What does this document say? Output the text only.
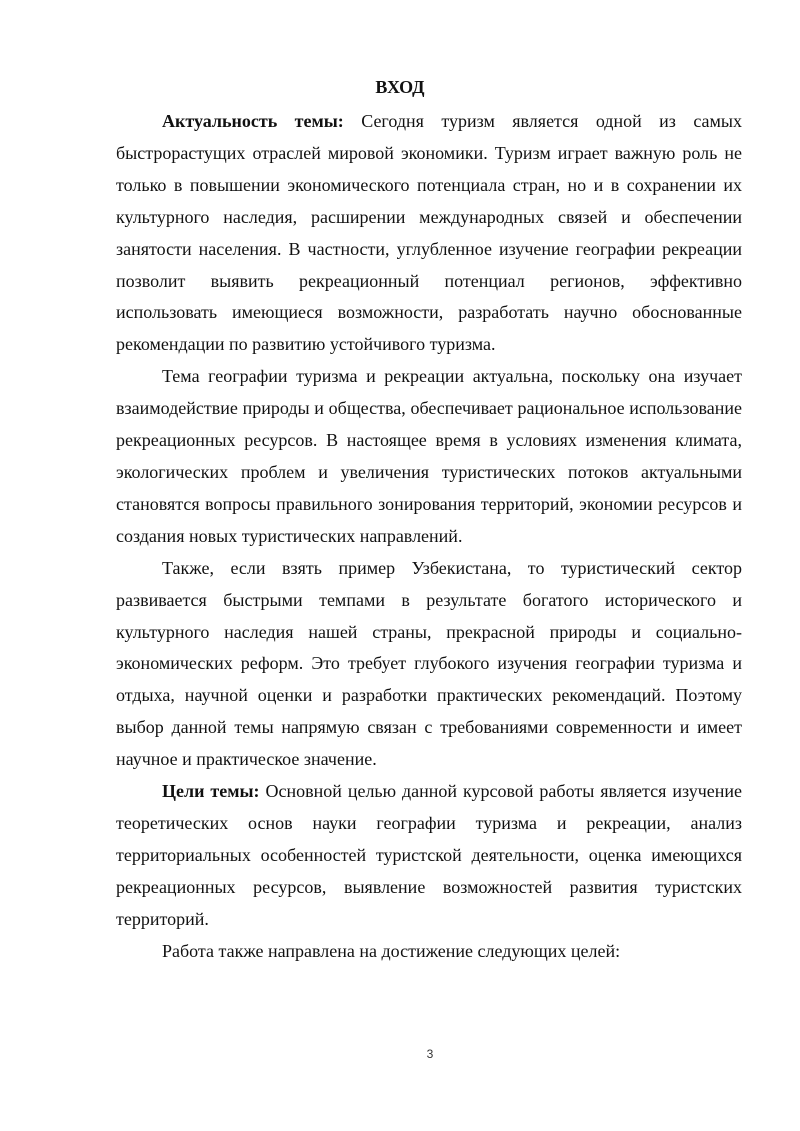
ВХОД

Актуальность темы: Сегодня туризм является одной из самых быстрорастущих отраслей мировой экономики. Туризм играет важную роль не только в повышении экономического потенциала стран, но и в сохранении их культурного наследия, расширении международных связей и обеспечении занятости населения. В частности, углубленное изучение географии рекреации позволит выявить рекреационный потенциал регионов, эффективно использовать имеющиеся возможности, разработать научно обоснованные рекомендации по развитию устойчивого туризма.

Тема географии туризма и рекреации актуальна, поскольку она изучает взаимодействие природы и общества, обеспечивает рациональное использование рекреационных ресурсов. В настоящее время в условиях изменения климата, экологических проблем и увеличения туристических потоков актуальными становятся вопросы правильного зонирования территорий, экономии ресурсов и создания новых туристических направлений.

Также, если взять пример Узбекистана, то туристический сектор развивается быстрыми темпами в результате богатого исторического и культурного наследия нашей страны, прекрасной природы и социально-экономических реформ. Это требует глубокого изучения географии туризма и отдыха, научной оценки и разработки практических рекомендаций. Поэтому выбор данной темы напрямую связан с требованиями современности и имеет научное и практическое значение.

Цели темы: Основной целью данной курсовой работы является изучение теоретических основ науки географии туризма и рекреации, анализ территориальных особенностей туристской деятельности, оценка имеющихся рекреационных ресурсов, выявление возможностей развития туристских территорий.

Работа также направлена на достижение следующих целей:

3
